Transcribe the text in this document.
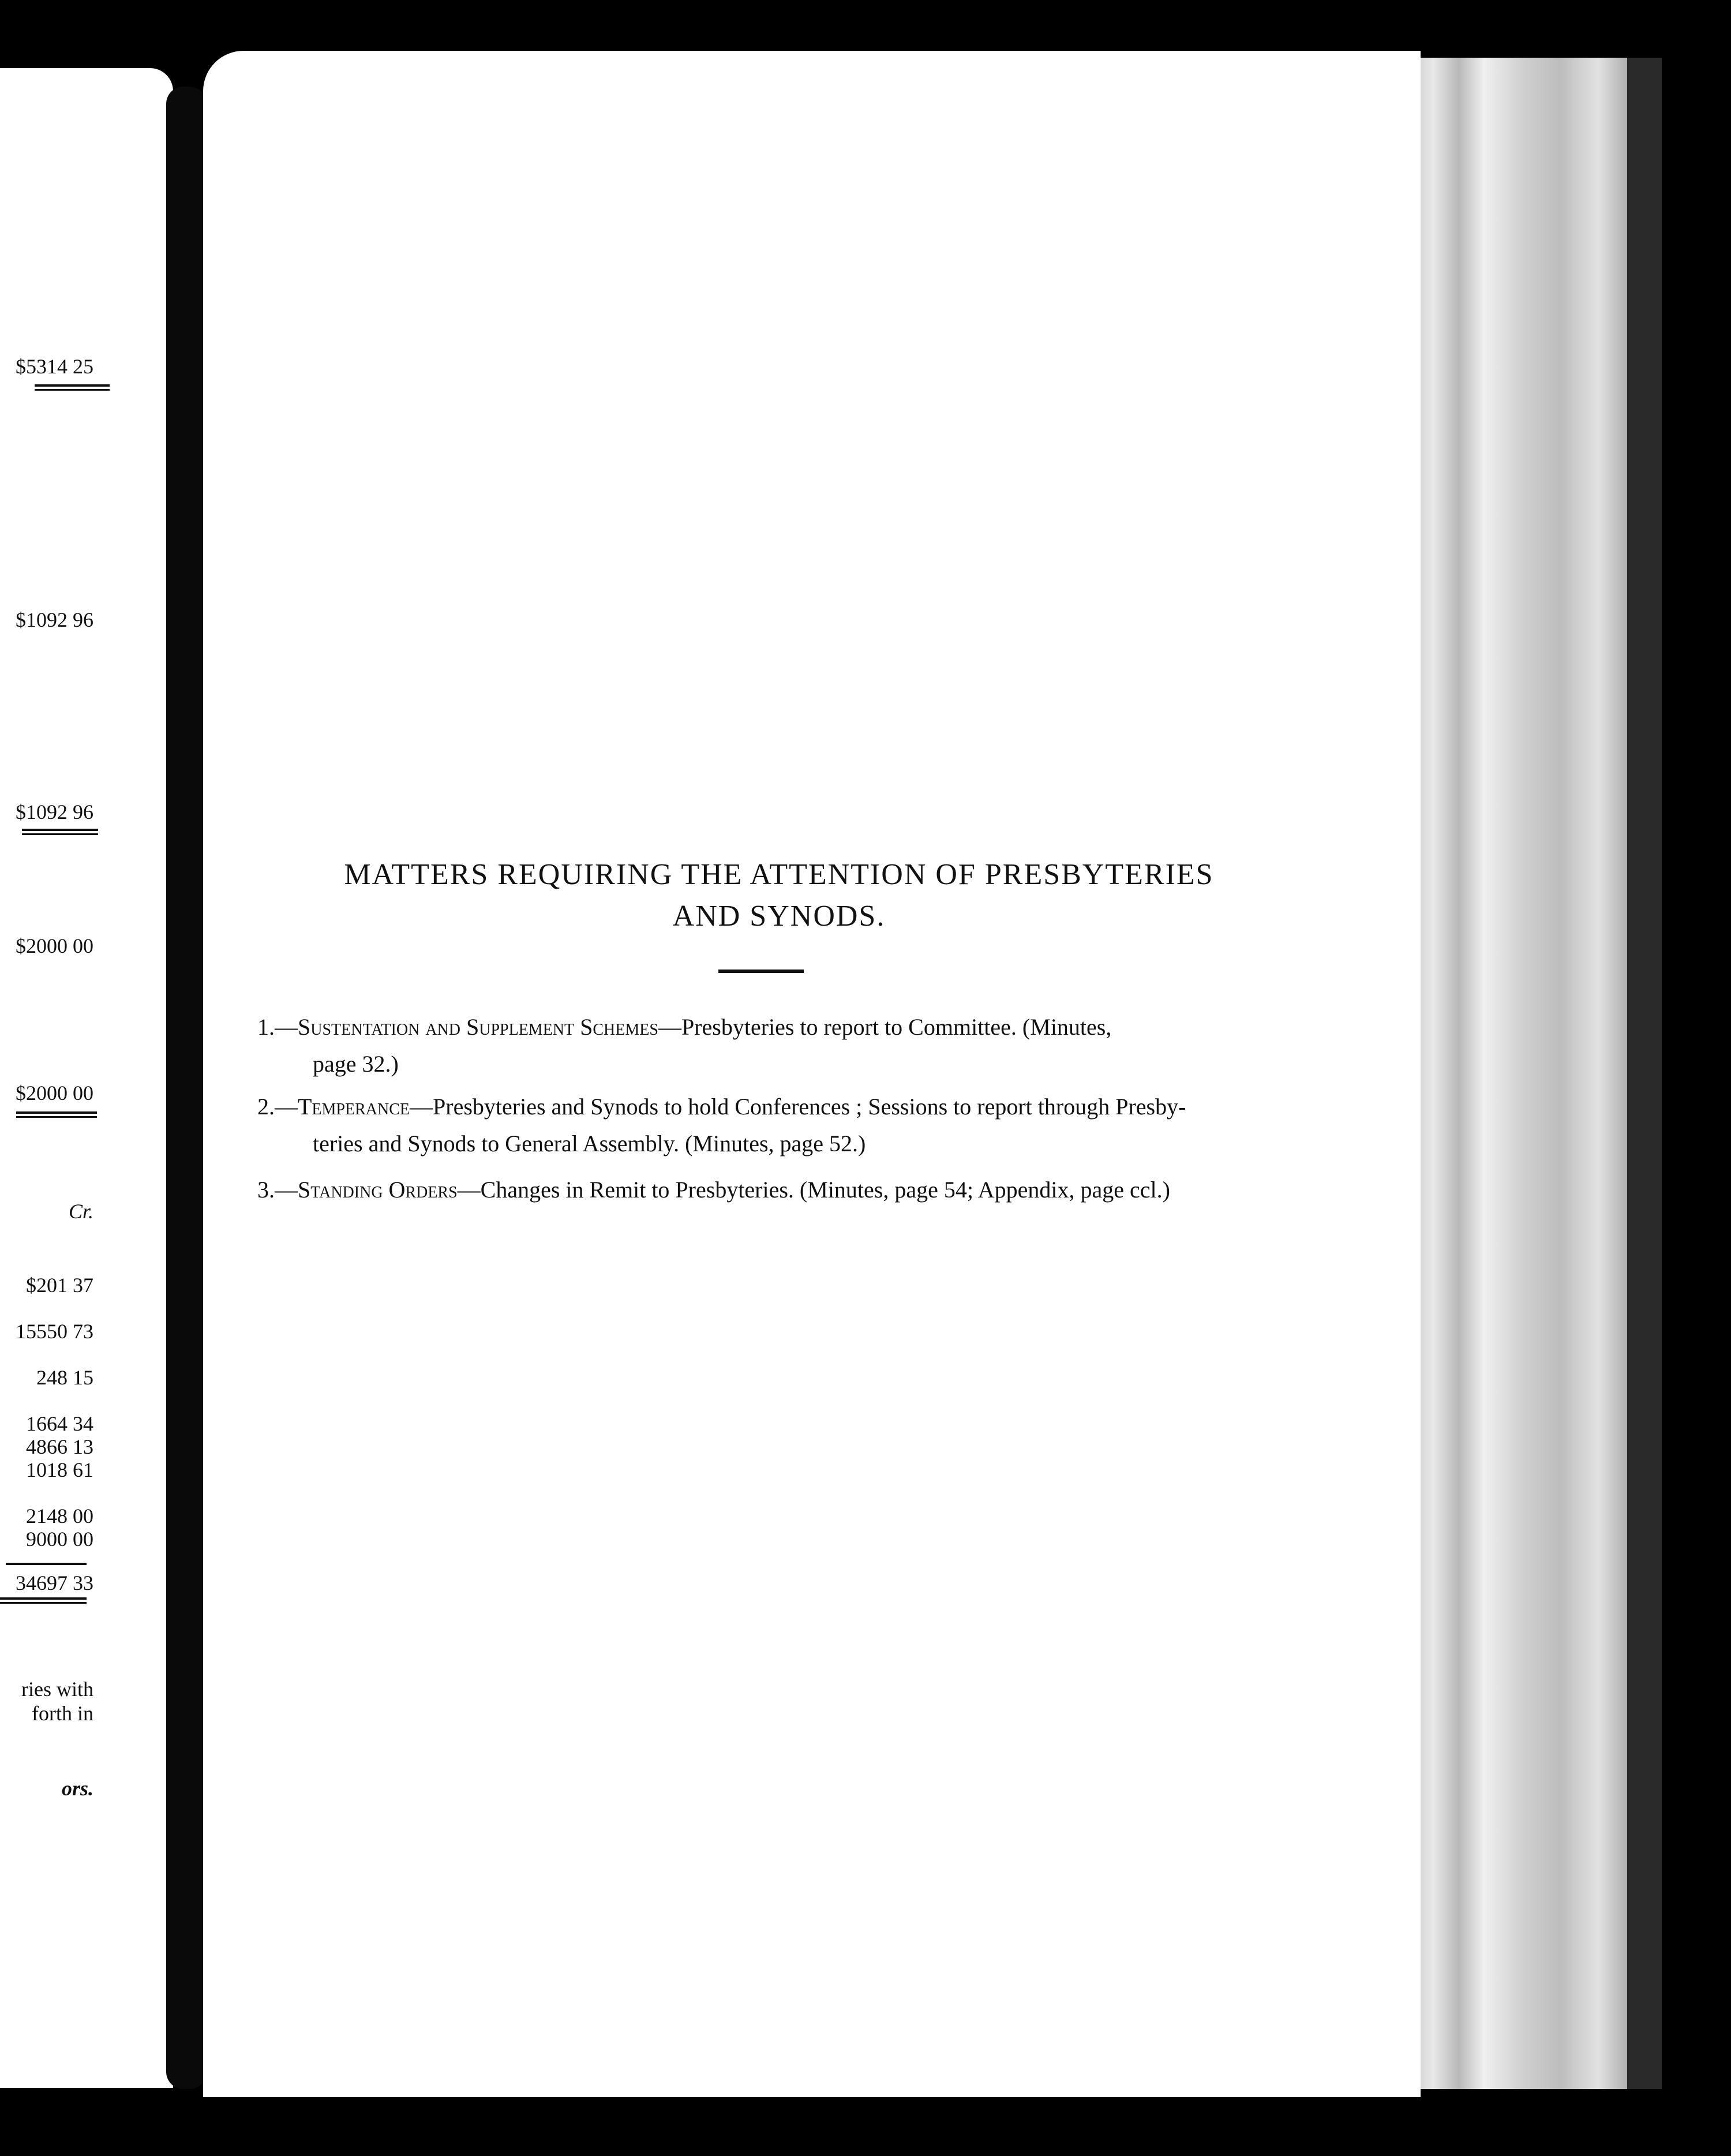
$5314 25
$1092 96
$1092 96
$2000 00
$2000 00
Cr.
$201 37
15550 73
248 15
1664 34
4866 13
1018 61
2148 00
9000 00
34697 33
ries with
forth in
ors.
MATTERS REQUIRING THE ATTENTION OF PRESBYTERIES
AND SYNODS.
1.—Sustentation and Supplement Schemes—Presbyteries to report to Committee. (Minutes,
page 32.)
2.—Temperance—Presbyteries and Synods to hold Conferences ; Sessions to report through Presby-
teries and Synods to General Assembly. (Minutes, page 52.)
3.—Standing Orders—Changes in Remit to Presbyteries. (Minutes, page 54; Appendix, page ccl.)
